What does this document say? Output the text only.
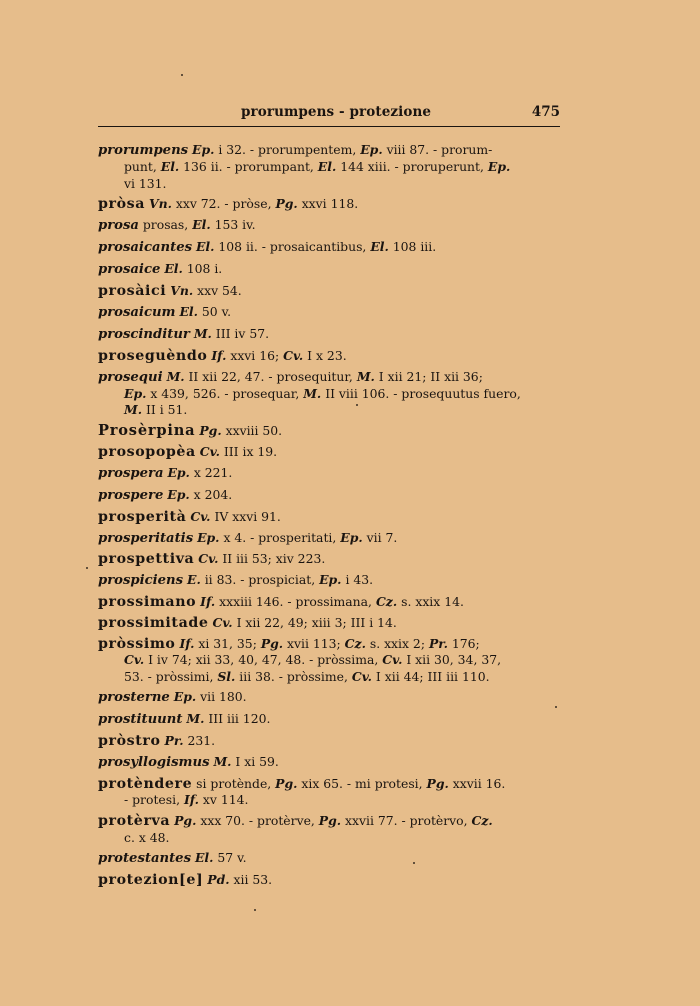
prorumpens - protezione	475
prorumpens Ep. i 32. - prorumpentem, Ep. viii 87. - prorum-
punt, El. 136 ii. - prorumpant, El. 144 xiii. - proruperunt, Ep.
vi 131.
pròsa Vn. xxv 72. - pròse, Pg. xxvi 118.
prosa prosas, El. 153 iv.
prosaicantes El. 108 ii. - prosaicantibus, El. 108 iii.
prosaice El. 108 i.
prosàici Vn. xxv 54.
prosaicum El. 50 v.
proscinditur M. III iv 57.
proseguèndo If. xxvi 16; Cv. I x 23.
prosequi M. II xii 22, 47. - prosequitur, M. I xii 21; II xii 36;
Ep. x 439, 526. - prosequar, M. II viii 106. - prosequutus fuero,
M. II i 51.
Prosèrpina Pg. xxviii 50.
prosopopèa Cv. III ix 19.
prospera Ep. x 221.
prospere Ep. x 204.
prosperità Cv. IV xxvi 91.
prosperitatis Ep. x 4. - prosperitati, Ep. vii 7.
prospettiva Cv. II iii 53; xiv 223.
prospiciens E. ii 83. - prospiciat, Ep. i 43.
prossimano If. xxxiii 146. - prossimana, Cz. s. xxix 14.
prossimitade Cv. I xii 22, 49; xiii 3; III i 14.
pròssimo If. xi 31, 35; Pg. xvii 113; Cz. s. xxix 2; Pr. 176;
Cv. I iv 74; xii 33, 40, 47, 48. - pròssima, Cv. I xii 30, 34, 37,
53. - pròssimi, Sl. iii 38. - pròssime, Cv. I xii 44; III iii 110.
prosterne Ep. vii 180.
prostituunt M. III iii 120.
pròstro Pr. 231.
prosyllogismus M. I xi 59.
protèndere si protènde, Pg. xix 65. - mi protesi, Pg. xxvii 16.
- protesi, If. xv 114.
protèrva Pg. xxx 70. - protèrve, Pg. xxvii 77. - protèrvo, Cz.
c. x 48.
protestantes El. 57 v.
protezion[e] Pd. xii 53.
